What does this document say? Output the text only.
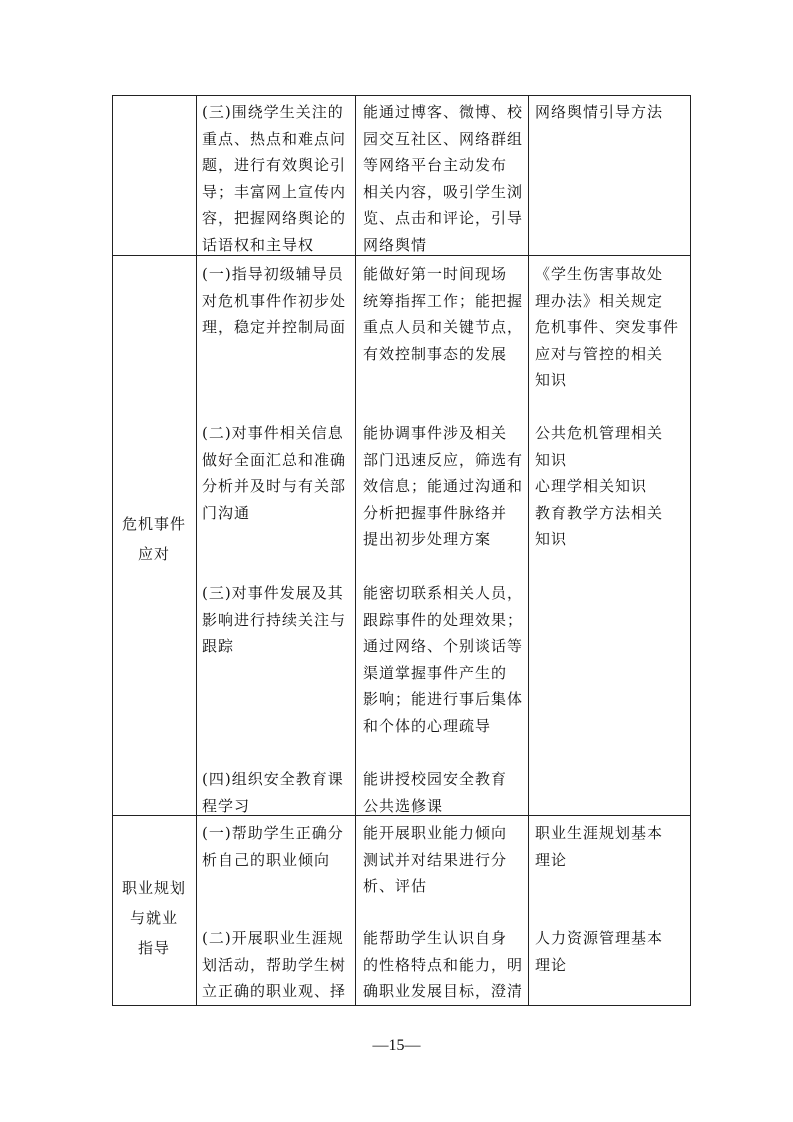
(三)围绕学生关注的
重点、热点和难点问
题，进行有效舆论引
导；丰富网上宣传内
容，把握网络舆论的
话语权和主导权
能通过博客、微博、校
园交互社区、网络群组
等网络平台主动发布
相关内容，吸引学生浏
览、点击和评论，引导
网络舆情
网络舆情引导方法
危机事件
应对
(一)指导初级辅导员
对危机事件作初步处
理，稳定并控制局面
能做好第一时间现场
统筹指挥工作；能把握
重点人员和关键节点，
有效控制事态的发展
《学生伤害事故处
理办法》相关规定
危机事件、突发事件
应对与管控的相关
知识
(二)对事件相关信息
做好全面汇总和准确
分析并及时与有关部
门沟通
能协调事件涉及相关
部门迅速反应，筛选有
效信息；能通过沟通和
分析把握事件脉络并
提出初步处理方案
公共危机管理相关
知识
心理学相关知识
教育教学方法相关
知识
(三)对事件发展及其
影响进行持续关注与
跟踪
能密切联系相关人员，
跟踪事件的处理效果；
通过网络、个别谈话等
渠道掌握事件产生的
影响；能进行事后集体
和个体的心理疏导
(四)组织安全教育课
程学习
能讲授校园安全教育
公共选修课
职业规划
与就业
指导
(一)帮助学生正确分
析自己的职业倾向
能开展职业能力倾向
测试并对结果进行分
析、评估
职业生涯规划基本
理论
(二)开展职业生涯规
划活动，帮助学生树
立正确的职业观、择
能帮助学生认识自身
的性格特点和能力，明
确职业发展目标，澄清
人力资源管理基本
理论
—15—
